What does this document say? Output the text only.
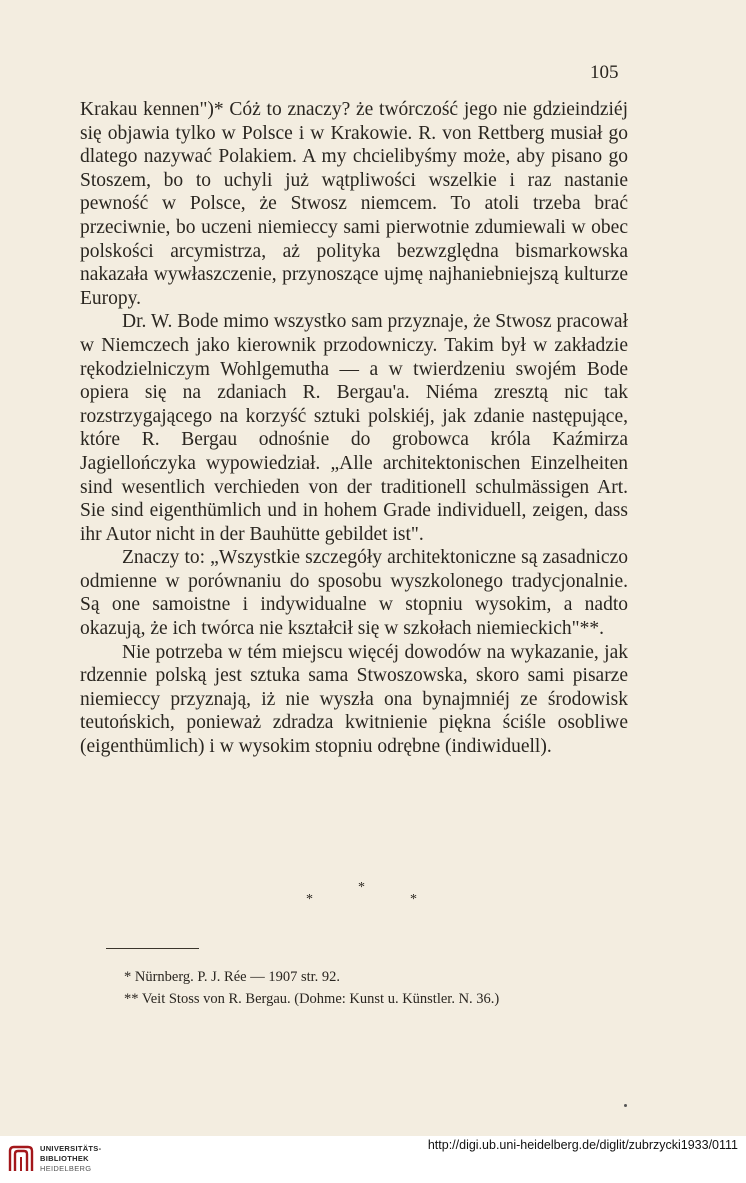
105

Krakau kennen")* Cóż to znaczy? że twórczość jego nie gdzieindziéj się objawia tylko w Polsce i w Krakowie. R. von Rettberg musiał go dlatego nazywać Polakiem. A my chcielibyśmy może, aby pisano go Stoszem, bo to uchyli już wątpliwości wszelkie i raz nastanie pewność w Polsce, że Stwosz niemcem. To atoli trzeba brać przeciwnie, bo uczeni niemieccy sami pierwotnie zdumiewali w obec polskości arcymistrza, aż polityka bezwzględna bismarkowska nakazała wywłaszczenie, przynoszące ujmę najhaniebniejszą kulturze Europy.

Dr. W. Bode mimo wszystko sam przyznaje, że Stwosz pracował w Niemczech jako kierownik przodowniczy. Takim był w zakładzie rękodzielniczym Wohlgemutha — a w twierdzeniu swojém Bode opiera się na zdaniach R. Bergau'a. Niéma zresztą nic tak rozstrzygającego na korzyść sztuki polskiéj, jak zdanie następujące, które R. Bergau odnośnie do grobowca króla Kaźmirza Jagiellończyka wypowiedział. „Alle architektonischen Einzelheiten sind wesentlich verchieden von der traditionell schulmässigen Art. Sie sind eigenthümlich und in hohem Grade individuell, zeigen, dass ihr Autor nicht in der Bauhütte gebildet ist".

Znaczy to: „Wszystkie szczegóły architektoniczne są zasadniczo odmienne w porównaniu do sposobu wyszkolonego tradycjonalnie. Są one samoistne i indywidualne w stopniu wysokim, a nadto okazują, że ich twórca nie kształcił się w szkołach niemieckich"**.

Nie potrzeba w tém miejscu więcéj dowodów na wykazanie, jak rdzennie polską jest sztuka sama Stwoszowska, skoro sami pisarze niemieccy przyznają, iż nie wyszła ona bynajmniéj ze środowisk teutońskich, ponieważ zdradza kwitnienie piękna ściśle osobliwe (eigenthümlich) i w wysokim stopniu odrębne (indiwiduell).

*
*	*
* Nürnberg. P. J. Rée — 1907 str. 92.
** Veit Stoss von R. Bergau. (Dohme: Kunst u. Künstler. N. 36.)
UNIVERSITÄTS-
BIBLIOTHEK
HEIDELBERG
http://digi.ub.uni-heidelberg.de/diglit/zubrzycki1933/0111
